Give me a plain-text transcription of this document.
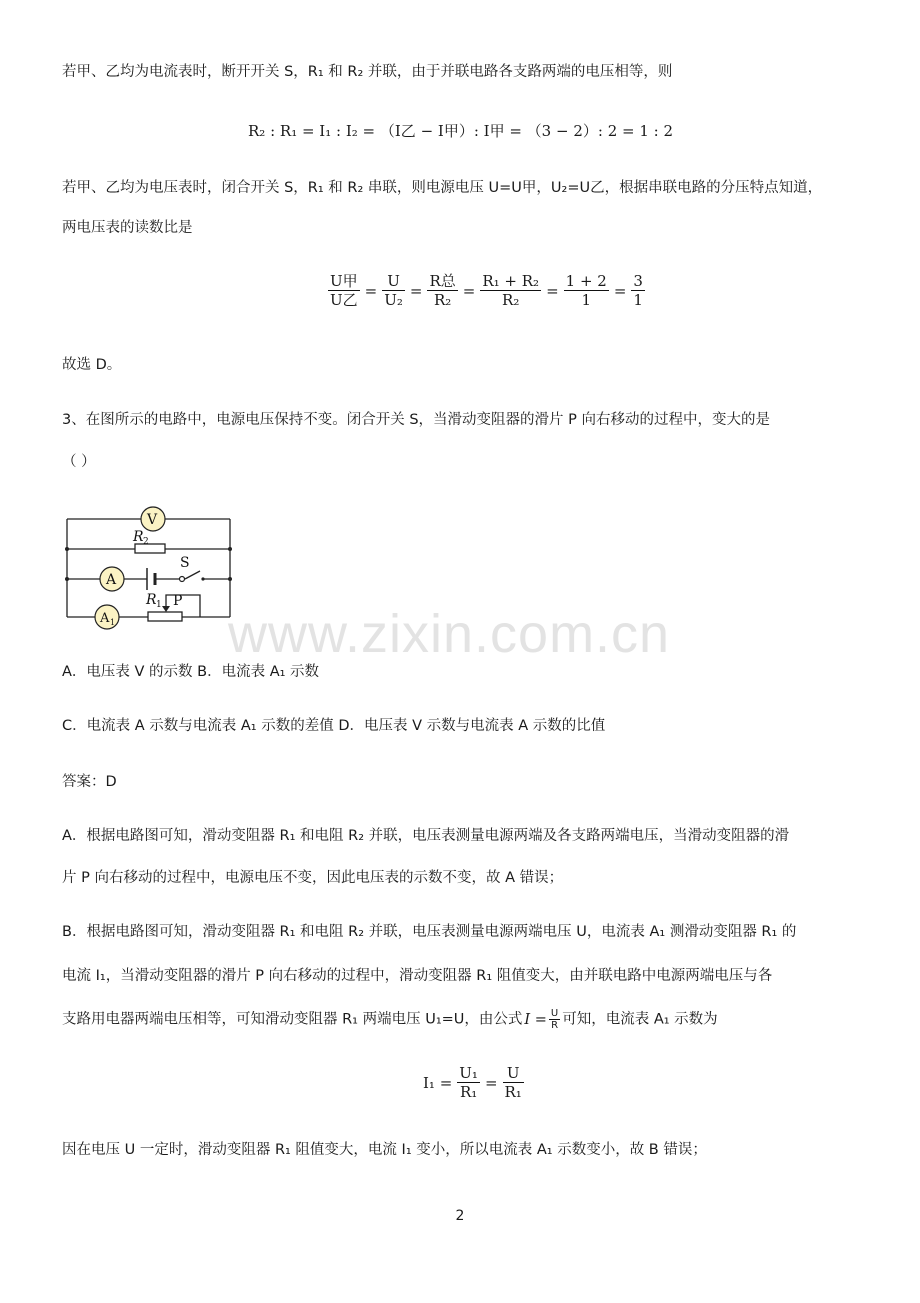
若甲、乙均为电流表时，断开开关 S，R₁ 和 R₂ 并联，由于并联电路各支路两端的电压相等，则
R₂ : R₁ = I₁ : I₂ = （I乙 − I甲）: I甲 = （3 − 2）: 2 = 1 : 2
若甲、乙均为电压表时，闭合开关 S，R₁ 和 R₂ 串联，则电源电压 U=U甲，U₂=U乙，根据串联电路的分压特点知道，
两电压表的读数比是
$\frac{\text{U甲}}{\text{U乙}} = \frac{U}{\text{U₂}} = \frac{\text{R总}}{\text{R₂}} = \frac{\text{R₁ + R₂}}{\text{R₂}} = \frac{1 + 2}{1} = \frac{3}{1}$
故选 D。
3、在图所示的电路中，电源电压保持不变。闭合开关 S，当滑动变阻器的滑片 P 向右移动的过程中，变大的是
（ ）
V
A
A 1
R 2
S
R 1 P
www.zixin.com.cn
A．电压表 V 的示数 B．电流表 A₁ 示数
C．电流表 A 示数与电流表 A₁ 示数的差值 D．电压表 V 示数与电流表 A 示数的比值
答案：D
A．根据电路图可知，滑动变阻器 R₁ 和电阻 R₂ 并联，电压表测量电源两端及各支路两端电压，当滑动变阻器的滑
片 P 向右移动的过程中，电源电压不变，因此电压表的示数不变，故 A 错误；
B．根据电路图可知，滑动变阻器 R₁ 和电阻 R₂ 并联，电压表测量电源两端电压 U，电流表 A₁ 测滑动变阻器 R₁ 的
电流 I₁，当滑动变阻器的滑片 P 向右移动的过程中，滑动变阻器 R₁ 阻值变大，由并联电路中电源两端电压与各
支路用电器两端电压相等，可知滑动变阻器 R₁ 两端电压 U₁=U，由公式 $I = \frac{U}{R}$ 可知，电流表 A₁ 示数为
$I_1 = \frac{\text{U₁}}{\text{R₁}} = \frac{U}{\text{R₁}}$
因在电压 U 一定时，滑动变阻器 R₁ 阻值变大，电流 I₁ 变小，所以电流表 A₁ 示数变小，故 B 错误；
2
